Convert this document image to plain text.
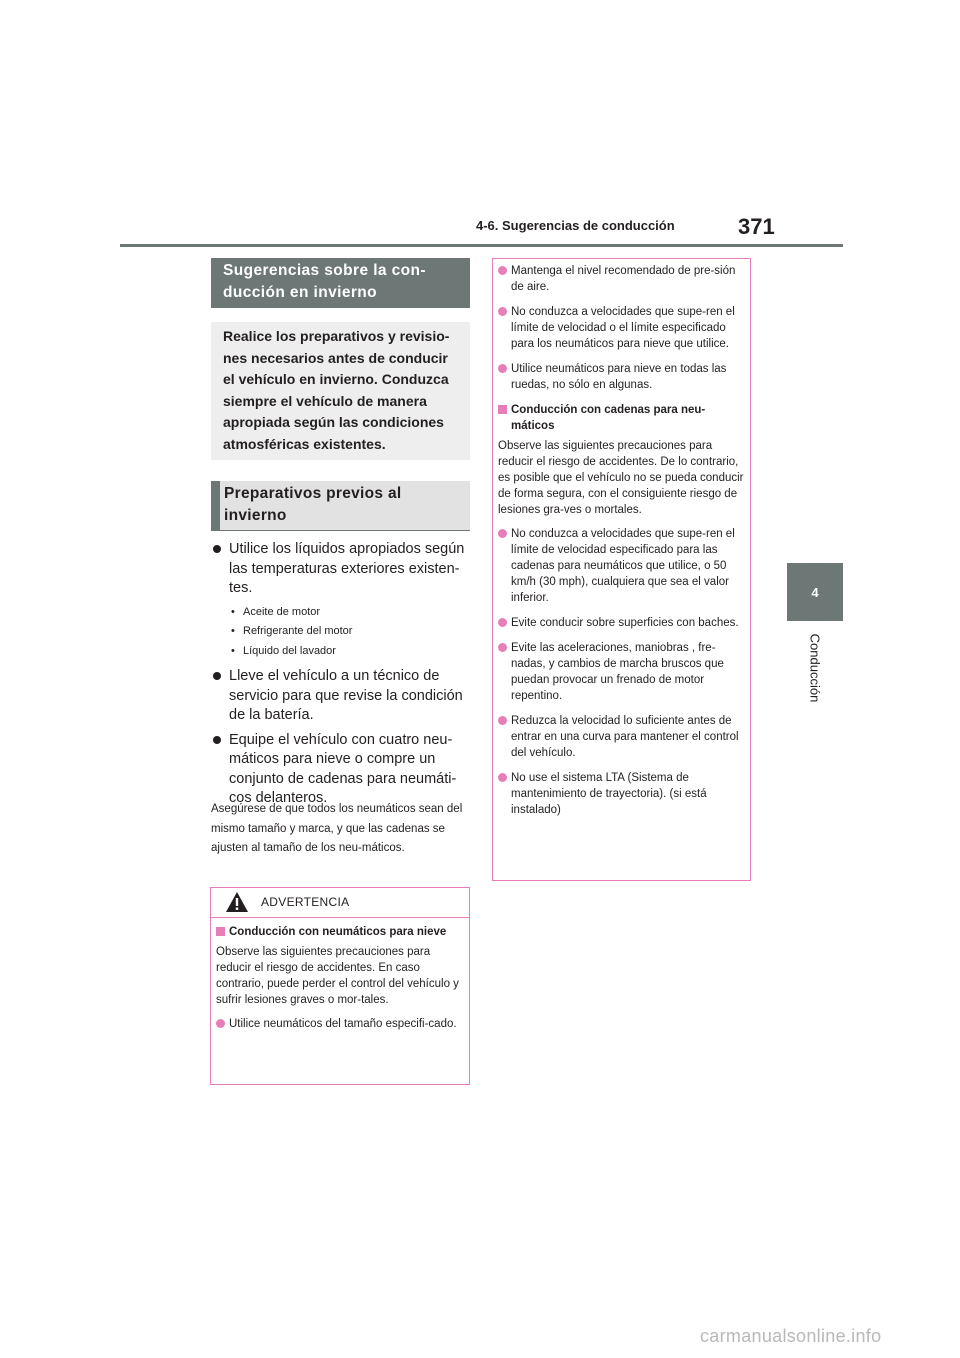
4-6. Sugerencias de conducción	371
4
Conducción
Sugerencias sobre la con-ducción en invierno
Realice los preparativos y revisio-nes necesarios antes de conducir el vehículo en invierno. Conduzca siempre el vehículo de manera apropiada según las condiciones atmosféricas existentes.
Preparativos previos al invierno
Utilice los líquidos apropiados según las temperaturas exteriores existen-tes.
• Aceite de motor
• Refrigerante del motor
• Líquido del lavador
Lleve el vehículo a un técnico de servicio para que revise la condición de la batería.
Equipe el vehículo con cuatro neu-máticos para nieve o compre un conjunto de cadenas para neumáti-cos delanteros.

Asegúrese de que todos los neumáticos sean del mismo tamaño y marca, y que las cadenas se ajusten al tamaño de los neu-máticos.

ADVERTENCIA
Conducción con neumáticos para nieve

Observe las siguientes precauciones para reducir el riesgo de accidentes. En caso contrario, puede perder el control del vehículo y sufrir lesiones graves o mor-tales.

Utilice neumáticos del tamaño especifi-cado.
Mantenga el nivel recomendado de pre-sión de aire.
No conduzca a velocidades que supe-ren el límite de velocidad o el límite especificado para los neumáticos para nieve que utilice.
Utilice neumáticos para nieve en todas las ruedas, no sólo en algunas.
Conducción con cadenas para neu-máticos

Observe las siguientes precauciones para reducir el riesgo de accidentes. De lo contrario, es posible que el vehículo no se pueda conducir de forma segura, con el consiguiente riesgo de lesiones gra-ves o mortales.

No conduzca a velocidades que supe-ren el límite de velocidad especificado para las cadenas para neumáticos que utilice, o 50 km/h (30 mph), cualquiera que sea el valor inferior.
Evite conducir sobre superficies con baches.
Evite las aceleraciones, maniobras , fre-nadas, y cambios de marcha bruscos que puedan provocar un frenado de motor repentino.
Reduzca la velocidad lo suficiente antes de entrar en una curva para mantener el control del vehículo.
No use el sistema LTA (Sistema de mantenimiento de trayectoria). (si está instalado)
carmanualsonline.info
